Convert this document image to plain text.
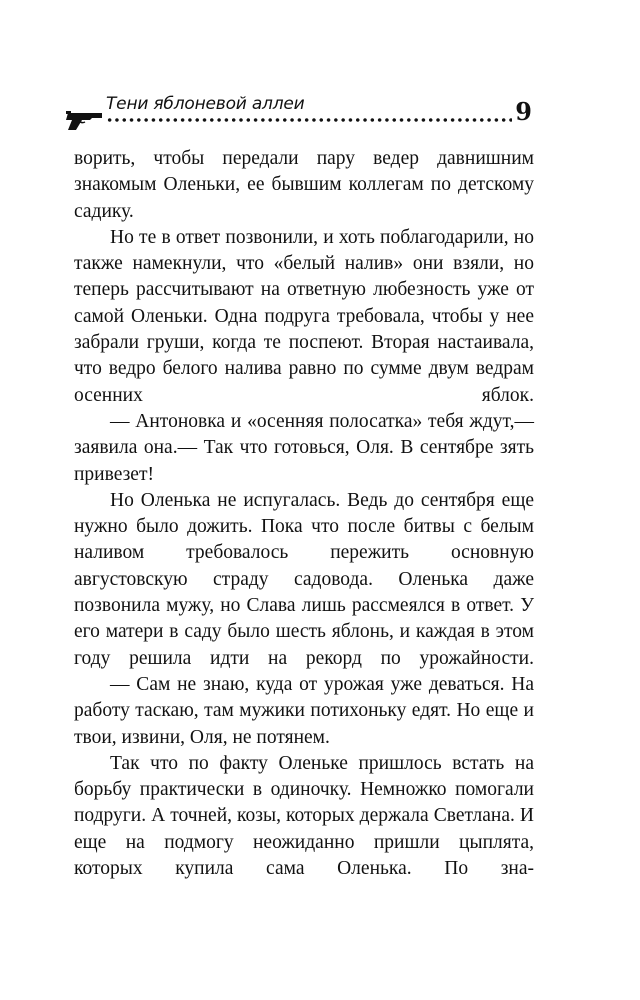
Тени яблоневой аллеи	9

ворить, чтобы передали пару ведер давнишним знакомым Оленьки, ее бывшим коллегам по детскому садику.

Но те в ответ позвонили, и хоть поблагодарили, но также намекнули, что «белый налив» они взяли, но теперь рассчитывают на ответную любезность уже от самой Оленьки. Одна подруга требовала, чтобы у нее забрали груши, когда те поспеют. Вторая настаивала, что ведро белого налива равно по сумме двум ведрам осенних яблок.

— Антоновка и «осенняя полосатка» тебя ждут,— заявила она.— Так что готовься, Оля. В сентябре зять привезет!

Но Оленька не испугалась. Ведь до сентября еще нужно было дожить. Пока что после битвы с белым наливом требовалось пережить основную августовскую страду садовода. Оленька даже позвонила мужу, но Слава лишь рассмеялся в ответ. У его матери в саду было шесть яблонь, и каждая в этом году решила идти на рекорд по урожайности.

— Сам не знаю, куда от урожая уже деваться. На работу таскаю, там мужики потихоньку едят. Но еще и твои, извини, Оля, не потянем.

Так что по факту Оленьке пришлось встать на борьбу практически в одиночку. Немножко помогали подруги. А точней, козы, которых держала Светлана. И еще на подмогу неожиданно пришли цыплята, которых купила сама Оленька. По зна-
